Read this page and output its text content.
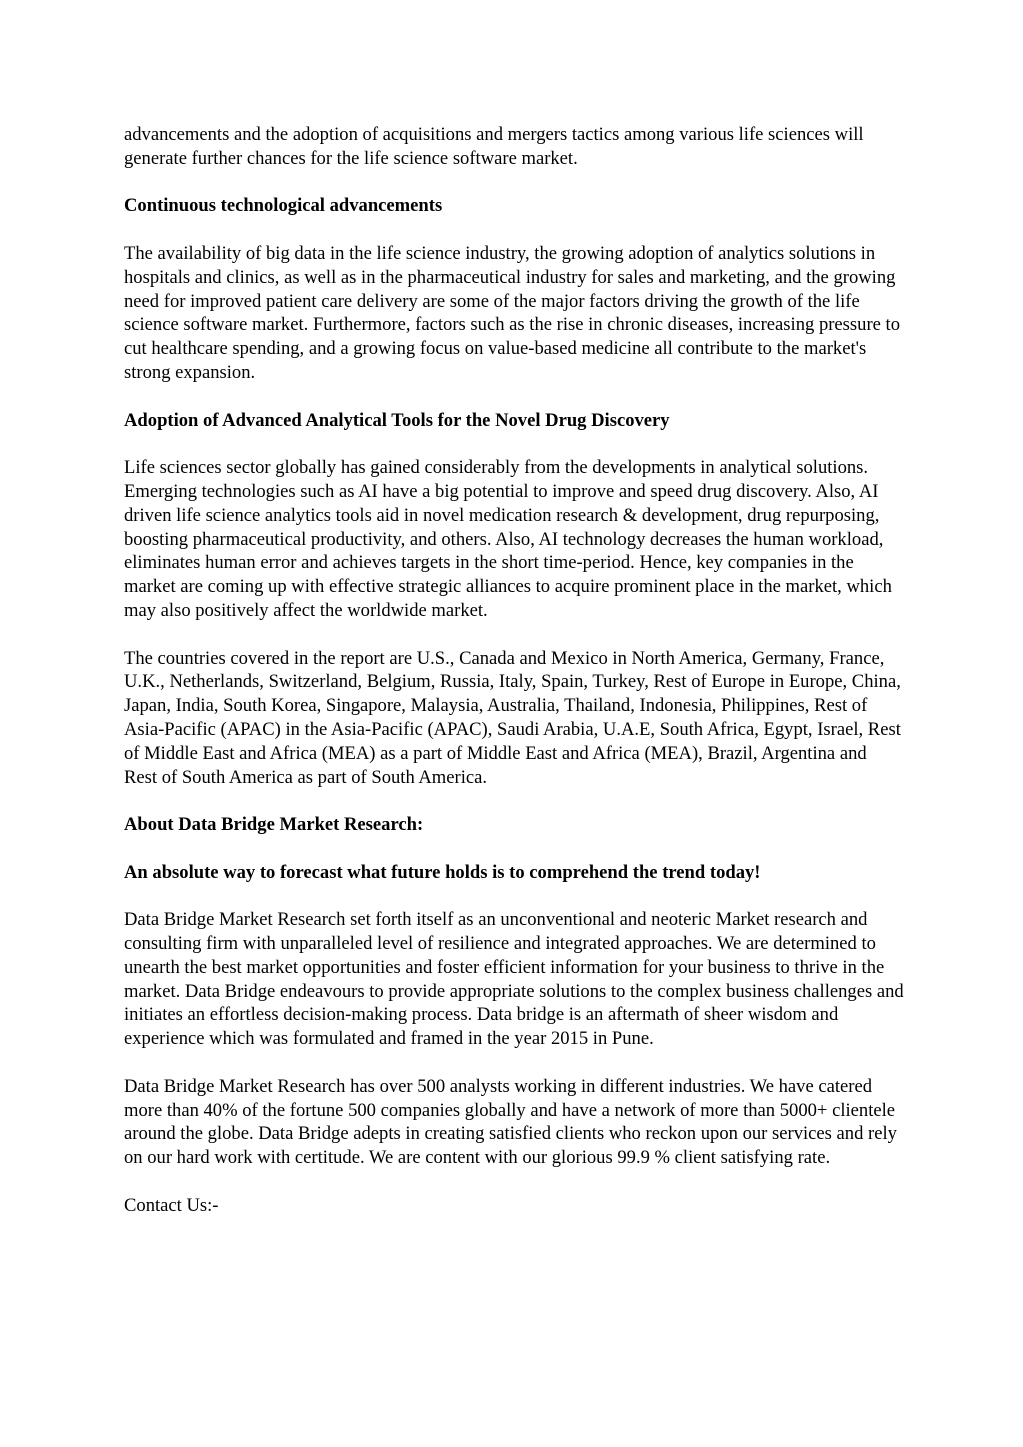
advancements and the adoption of acquisitions and mergers tactics among various life sciences will generate further chances for the life science software market.

Continuous technological advancements

The availability of big data in the life science industry, the growing adoption of analytics solutions in hospitals and clinics, as well as in the pharmaceutical industry for sales and marketing, and the growing need for improved patient care delivery are some of the major factors driving the growth of the life science software market. Furthermore, factors such as the rise in chronic diseases, increasing pressure to cut healthcare spending, and a growing focus on value-based medicine all contribute to the market's strong expansion.

Adoption of Advanced Analytical Tools for the Novel Drug Discovery

Life sciences sector globally has gained considerably from the developments in analytical solutions. Emerging technologies such as AI have a big potential to improve and speed drug discovery. Also, AI driven life science analytics tools aid in novel medication research & development, drug repurposing, boosting pharmaceutical productivity, and others. Also, AI technology decreases the human workload, eliminates human error and achieves targets in the short time-period. Hence, key companies in the market are coming up with effective strategic alliances to acquire prominent place in the market, which may also positively affect the worldwide market.

The countries covered in the report are U.S., Canada and Mexico in North America, Germany, France, U.K., Netherlands, Switzerland, Belgium, Russia, Italy, Spain, Turkey, Rest of Europe in Europe, China, Japan, India, South Korea, Singapore, Malaysia, Australia, Thailand, Indonesia, Philippines, Rest of Asia-Pacific (APAC) in the Asia-Pacific (APAC), Saudi Arabia, U.A.E, South Africa, Egypt, Israel, Rest of Middle East and Africa (MEA) as a part of Middle East and Africa (MEA), Brazil, Argentina and Rest of South America as part of South America.

About Data Bridge Market Research:
An absolute way to forecast what future holds is to comprehend the trend today!

Data Bridge Market Research set forth itself as an unconventional and neoteric Market research and consulting firm with unparalleled level of resilience and integrated approaches. We are determined to unearth the best market opportunities and foster efficient information for your business to thrive in the market. Data Bridge endeavours to provide appropriate solutions to the complex business challenges and initiates an effortless decision-making process. Data bridge is an aftermath of sheer wisdom and experience which was formulated and framed in the year 2015 in Pune.

Data Bridge Market Research has over 500 analysts working in different industries. We have catered more than 40% of the fortune 500 companies globally and have a network of more than 5000+ clientele around the globe. Data Bridge adepts in creating satisfied clients who reckon upon our services and rely on our hard work with certitude. We are content with our glorious 99.9 % client satisfying rate.

Contact Us:-
